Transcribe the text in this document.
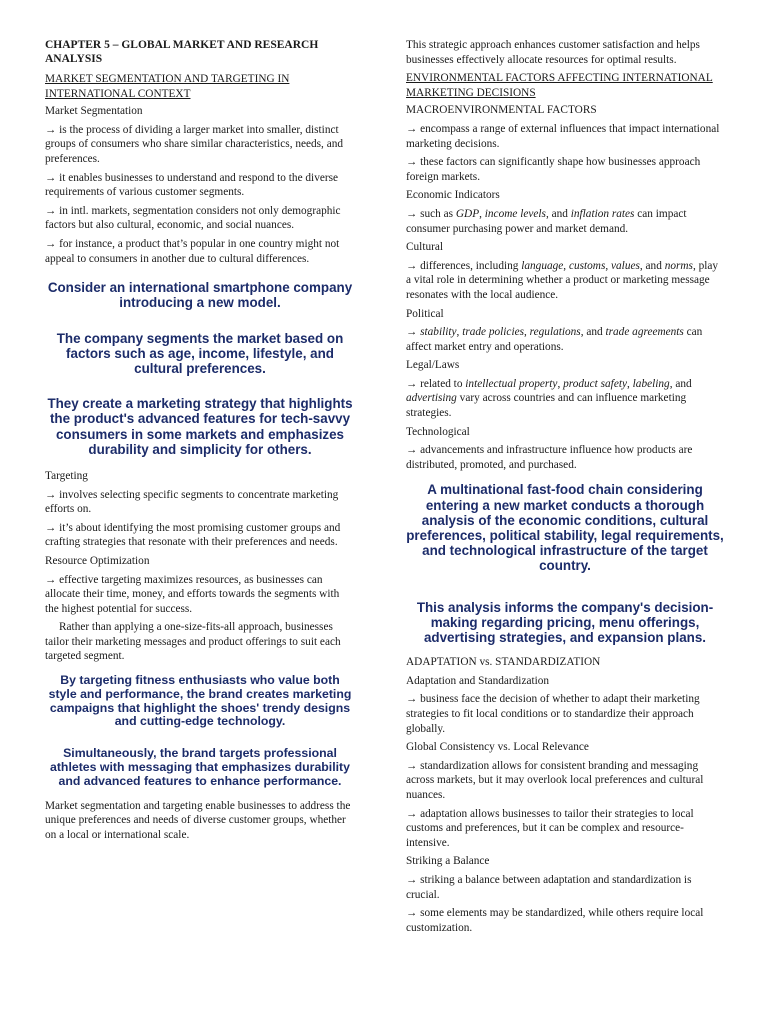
CHAPTER 5 – GLOBAL MARKET AND RESEARCH ANALYSIS

MARKET SEGMENTATION AND TARGETING IN INTERNATIONAL CONTEXT

Market Segmentation

→ is the process of dividing a larger market into smaller, distinct groups of consumers who share similar characteristics, needs, and preferences.

→ it enables businesses to understand and respond to the diverse requirements of various customer segments.

→ in intl. markets, segmentation considers not only demographic factors but also cultural, economic, and social nuances.

→ for instance, a product that’s popular in one country might not appeal to consumers in another due to cultural differences.

Consider an international smartphone company introducing a new model.

The company segments the market based on factors such as age, income, lifestyle, and cultural preferences.

They create a marketing strategy that highlights the product's advanced features for tech-savvy consumers in some markets and emphasizes durability and simplicity for others.

Targeting

→ involves selecting specific segments to concentrate marketing efforts on.

→ it’s about identifying the most promising customer groups and crafting strategies that resonate with their preferences and needs.

Resource Optimization

→ effective targeting maximizes resources, as businesses can allocate their time, money, and efforts towards the segments with the highest potential for success.

Rather than applying a one-size-fits-all approach, businesses tailor their marketing messages and product offerings to suit each targeted segment.

By targeting fitness enthusiasts who value both style and performance, the brand creates marketing campaigns that highlight the shoes' trendy designs and cutting-edge technology.

Simultaneously, the brand targets professional athletes with messaging that emphasizes durability and advanced features to enhance performance.

Market segmentation and targeting enable businesses to address the unique preferences and needs of diverse customer groups, whether on a local or international scale.

This strategic approach enhances customer satisfaction and helps businesses effectively allocate resources for optimal results.

ENVIRONMENTAL FACTORS AFFECTING INTERNATIONAL MARKETING DECISIONS

MACROENVIRONMENTAL FACTORS

→ encompass a range of external influences that impact international marketing decisions.

→ these factors can significantly shape how businesses approach foreign markets.

Economic Indicators

→ such as GDP, income levels, and inflation rates can impact consumer purchasing power and market demand.

Cultural

→ differences, including language, customs, values, and norms, play a vital role in determining whether a product or marketing message resonates with the local audience.

Political

→ stability, trade policies, regulations, and trade agreements can affect market entry and operations.

Legal/Laws

→ related to intellectual property, product safety, labeling, and advertising vary across countries and can influence marketing strategies.

Technological

→ advancements and infrastructure influence how products are distributed, promoted, and purchased.

A multinational fast-food chain considering entering a new market conducts a thorough analysis of the economic conditions, cultural preferences, political stability, legal requirements, and technological infrastructure of the target country.

This analysis informs the company's decision-making regarding pricing, menu offerings, advertising strategies, and expansion plans.

ADAPTATION vs. STANDARDIZATION

Adaptation and Standardization

→ business face the decision of whether to adapt their marketing strategies to fit local conditions or to standardize their approach globally.

Global Consistency vs. Local Relevance

→ standardization allows for consistent branding and messaging across markets, but it may overlook local preferences and cultural nuances.

→ adaptation allows businesses to tailor their strategies to local customs and preferences, but it can be complex and resource-intensive.

Striking a Balance

→ striking a balance between adaptation and standardization is crucial.

→ some elements may be standardized, while others require local customization.
